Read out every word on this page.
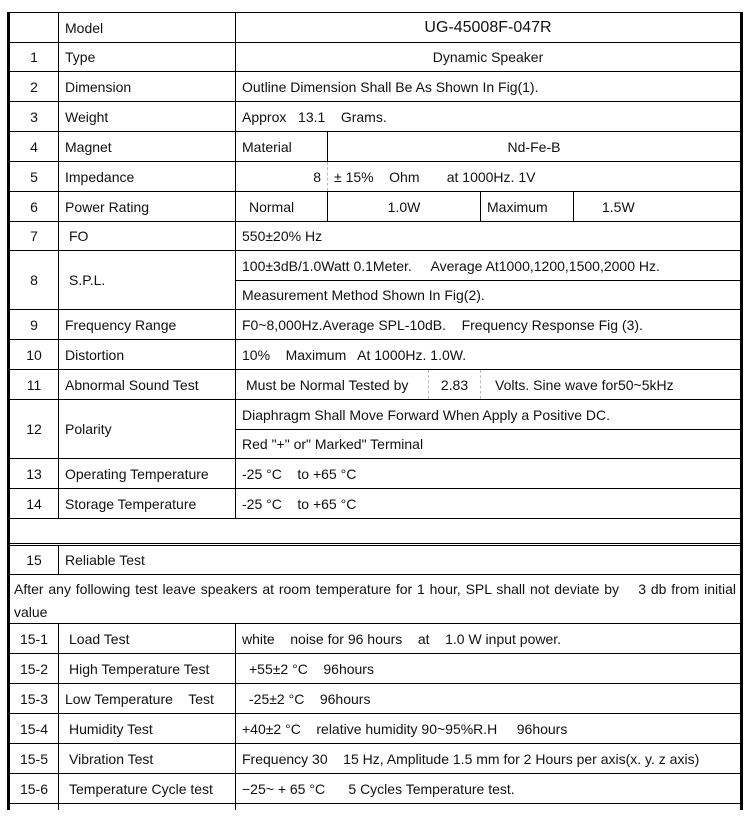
Model	UG-45008F-047R
1	Type	Dynamic Speaker
2	Dimension	Outline Dimension Shall Be As Shown In Fig(1).
3	Weight	Approx   13.1    Grams.
4	Magnet	Material	Nd-Fe-B
5	Impedance	8 ± 15%    Ohm       at 1000Hz. 1V
6	Power Rating	Normal	1.0W	Maximum	1.5W
7	FO	550±20% Hz
8	S.P.L.
100±3dB/1.0Watt 0.1Meter.     Average At1000,1200,1500,2000 Hz.
Measurement Method Shown In Fig(2).
9	Frequency Range	F0~8,000Hz.Average SPL-10dB.    Frequency Response Fig (3).
10	Distortion	10%    Maximum   At 1000Hz. 1.0W.
11	Abnormal Sound Test	Must be Normal Tested by	2.83	Volts. Sine wave for50~5kHz
12	Polarity
Diaphragm Shall Move Forward When Apply a Positive DC.
Red "+" or" Marked" Terminal
13	Operating Temperature	-25 °C    to +65 °C
14	Storage Temperature	-25 °C    to +65 °C
15	Reliable Test
After any following test leave speakers at room temperature for 1 hour, SPL shall not deviate by    3 db from initial value
15-1	Load Test	white    noise for 96 hours    at    1.0 W input power.
15-2	High Temperature Test	+55±2 °C    96hours
15-3	Low Temperature    Test	-25±2 °C    96hours
15-4	Humidity Test	+40±2 °C    relative humidity 90~95%R.H     96hours
15-5	Vibration Test	Frequency 30    15 Hz, Amplitude 1.5 mm for 2 Hours per axis(x. y. z axis)
15-6	Temperature Cycle test	−25~ + 65 °C      5 Cycles Temperature test.
